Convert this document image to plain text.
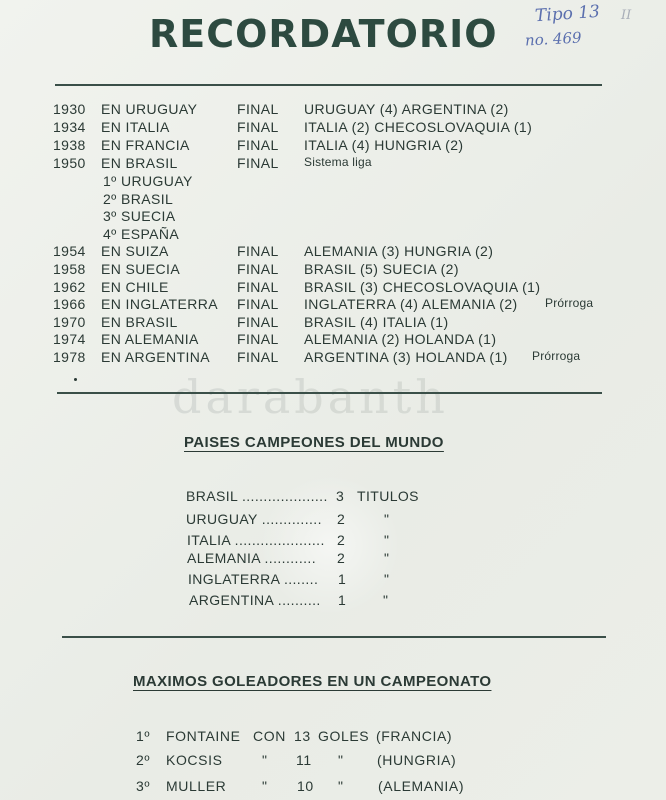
RECORDATORIO Tipo 13 II
no. 469
1930 EN URUGUAY	FINAL URUGUAY (4) ARGENTINA (2)
1934 EN ITALIA	FINAL ITALIA (2) CHECOSLOVAQUIA (1)
1938 EN FRANCIA	FINAL ITALIA (4) HUNGRIA (2)
1950 EN BRASIL	FINAL Sistema liga
1º URUGUAY
2º BRASIL
3º SUECIA
4º ESPAÑA
1954 EN SUIZA	FINAL ALEMANIA (3) HUNGRIA (2)
1958 EN SUECIA	FINAL BRASIL (5) SUECIA (2)
1962 EN CHILE	FINAL BRASIL (3) CHECOSLOVAQUIA (1)
1966 EN INGLATERRA FINAL INGLATERRA (4) ALEMANIA (2) Prórroga
1970 EN BRASIL	FINAL BRASIL (4) ITALIA (1)
1974 EN ALEMANIA	FINAL ALEMANIA (2) HOLANDA (1)
1978 EN ARGENTINA FINAL ARGENTINA (3) HOLANDA (1) Prórroga
darabanth
PAISES CAMPEONES DEL MUNDO
BRASIL .................... 3 TITULOS
URUGUAY .............. 2	"
ITALIA ..................... 2	"
ALEMANIA ............ 2	"
INGLATERRA ........ 1	"
ARGENTINA .......... 1	"
MAXIMOS GOLEADORES EN UN CAMPEONATO
1º FONTAINE CON 13 GOLES (FRANCIA)
2º KOCSIS	" 11 " (HUNGRIA)
3º MULLER	" 10 " (ALEMANIA)
